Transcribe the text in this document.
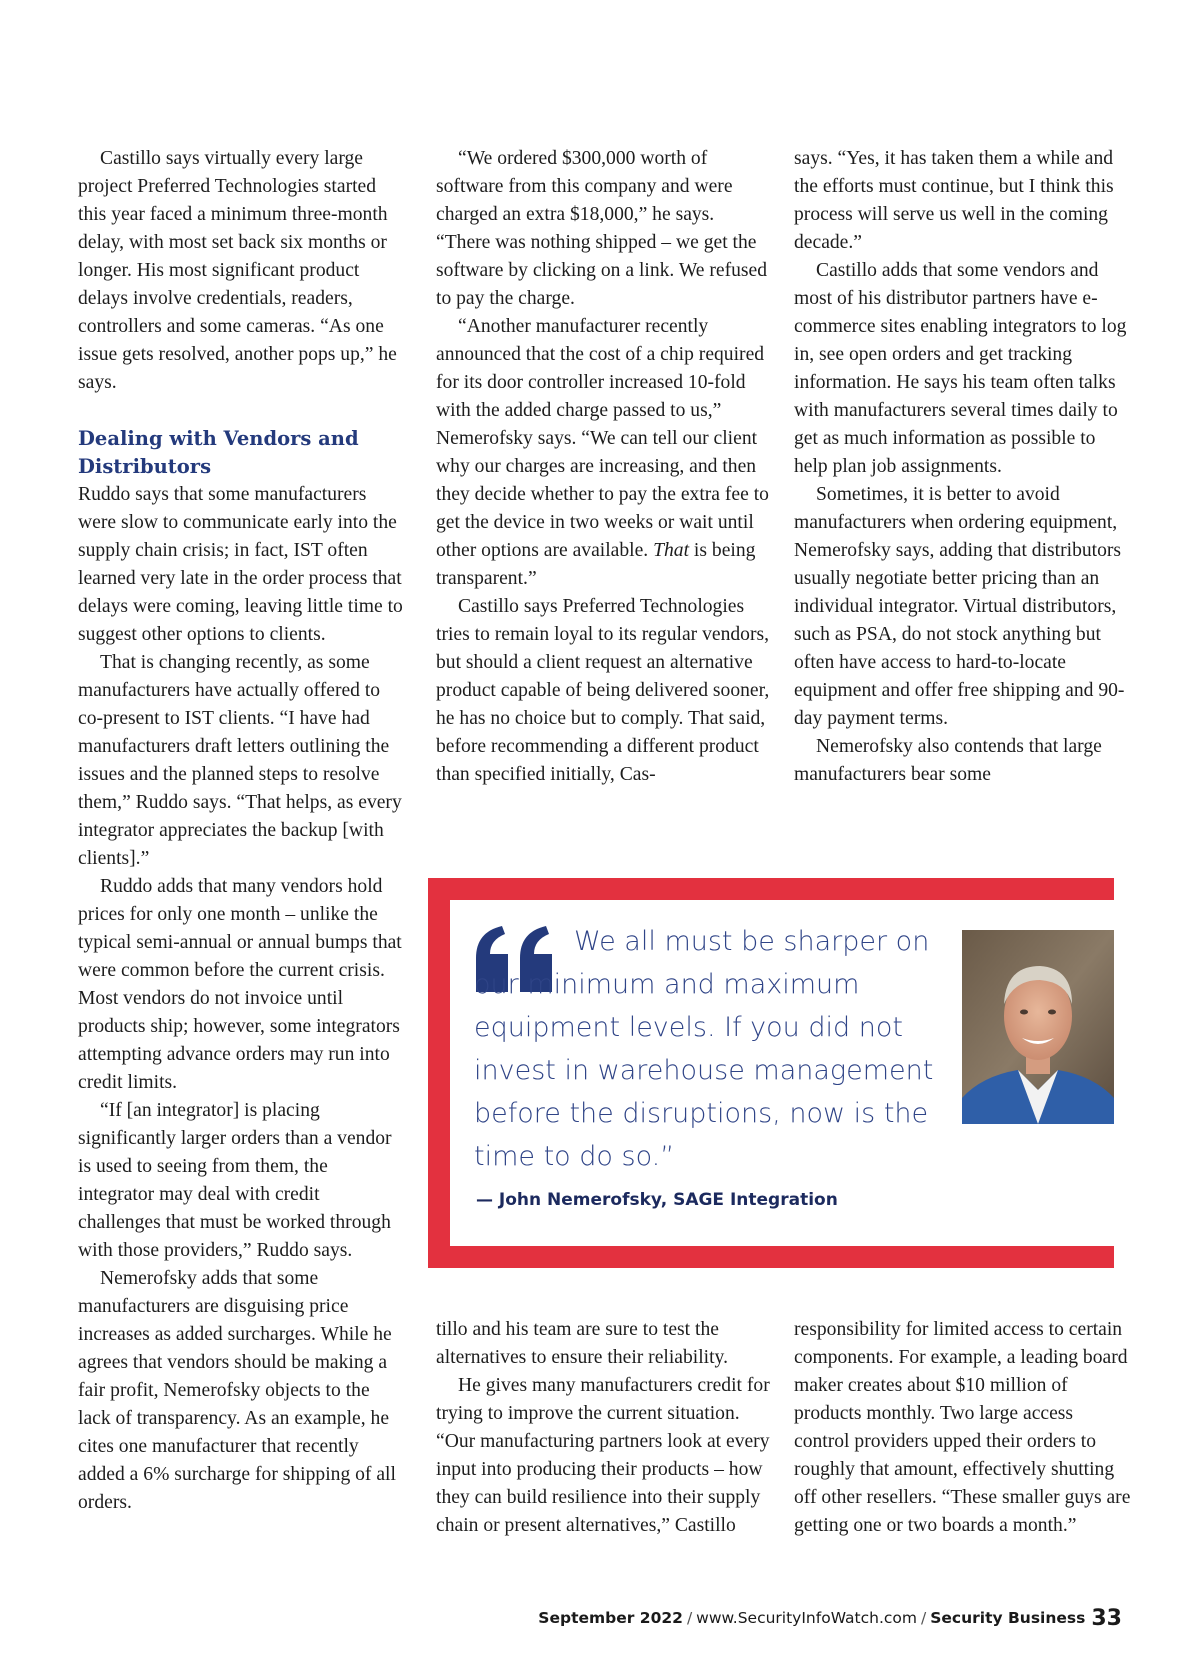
Castillo says virtually every large project Preferred Technologies started this year faced a minimum three-month delay, with most set back six months or longer. His most significant product delays involve credentials, readers, controllers and some cameras. “As one issue gets resolved, another pops up,” he says.

Dealing with Vendors and Distributors

Ruddo says that some manufacturers were slow to communicate early into the supply chain crisis; in fact, IST often learned very late in the order process that delays were coming, leaving little time to suggest other options to clients.

That is changing recently, as some manufacturers have actually offered to co-present to IST clients. “I have had manufacturers draft letters outlining the issues and the planned steps to resolve them,” Ruddo says. “That helps, as every integrator appreciates the backup [with clients].”

Ruddo adds that many vendors hold prices for only one month – unlike the typical semi-annual or annual bumps that were common before the current crisis. Most vendors do not invoice until products ship; however, some integrators attempting advance orders may run into credit limits.

“If [an integrator] is placing significantly larger orders than a vendor is used to seeing from them, the integrator may deal with credit challenges that must be worked through with those providers,” Ruddo says.

Nemerofsky adds that some manufacturers are disguising price increases as added surcharges. While he agrees that vendors should be making a fair profit, Nemerofsky objects to the lack of transparency. As an example, he cites one manufacturer that recently added a 6% surcharge for shipping of all orders.

“We ordered $300,000 worth of software from this company and were charged an extra $18,000,” he says. “There was nothing shipped – we get the software by clicking on a link. We refused to pay the charge.

“Another manufacturer recently announced that the cost of a chip required for its door controller increased 10-fold with the added charge passed to us,” Nemerofsky says. “We can tell our client why our charges are increasing, and then they decide whether to pay the extra fee to get the device in two weeks or wait until other options are available. That is being transparent.”

Castillo says Preferred Technologies tries to remain loyal to its regular vendors, but should a client request an alternative product capable of being delivered sooner, he has no choice but to comply. That said, before recommending a different product than specified initially, Cas-

says. “Yes, it has taken them a while and the efforts must continue, but I think this process will serve us well in the coming decade.”

Castillo adds that some vendors and most of his distributor partners have e-commerce sites enabling integrators to log in, see open orders and get tracking information. He says his team often talks with manufacturers several times daily to get as much information as possible to help plan job assignments.

Sometimes, it is better to avoid manufacturers when ordering equipment, Nemerofsky says, adding that distributors usually negotiate better pricing than an individual integrator. Virtual distributors, such as PSA, do not stock anything but often have access to hard-to-locate equipment and offer free shipping and 90-day payment terms.

Nemerofsky also contends that large manufacturers bear some

We all must be sharper on our minimum and maximum equipment levels. If you did not invest in warehouse management before the disruptions, now is the time to do so.”
— John Nemerofsky, SAGE Integration

tillo and his team are sure to test the alternatives to ensure their reliability.

He gives many manufacturers credit for trying to improve the current situation. “Our manufacturing partners look at every input into producing their products – how they can build resilience into their supply chain or present alternatives,” Castillo

responsibility for limited access to certain components. For example, a leading board maker creates about $10 million of products monthly. Two large access control providers upped their orders to roughly that amount, effectively shutting off other resellers. “These smaller guys are getting one or two boards a month.”

September 2022 / www.SecurityInfoWatch.com / Security Business 33
